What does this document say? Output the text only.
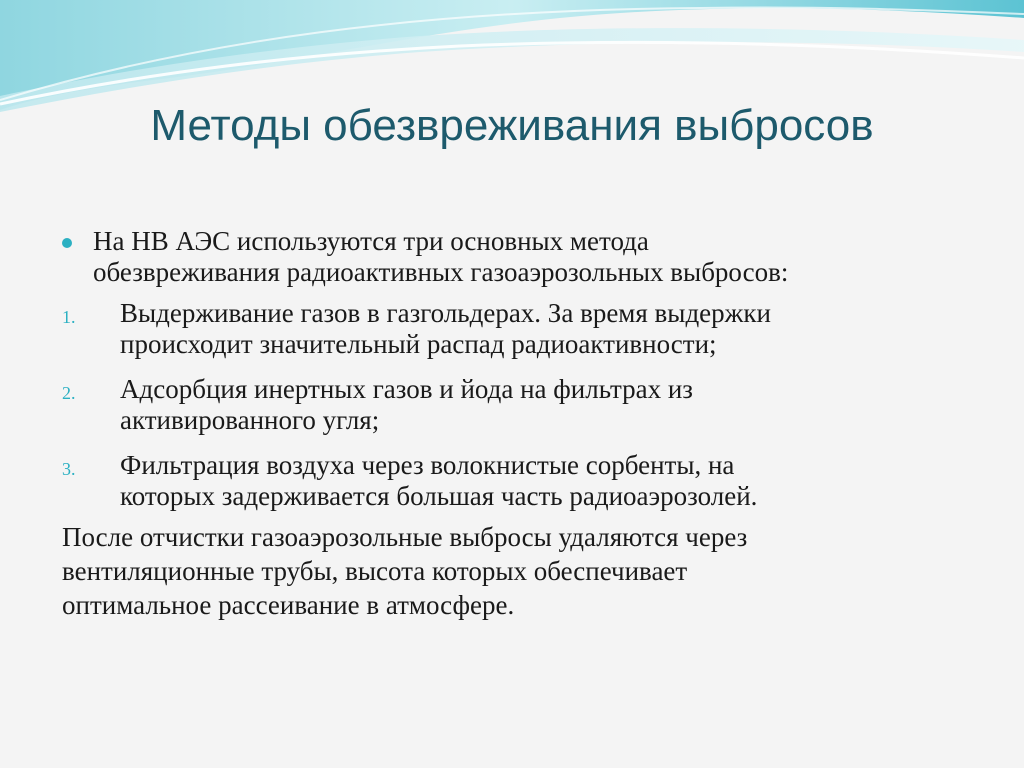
Методы обезвреживания выбросов
На НВ АЭС используются три основных метода
обезвреживания радиоактивных газоаэрозольных выбросов:
1. Выдерживание газов в газгольдерах. За время выдержки
происходит значительный распад радиоактивности;
2. Адсорбция инертных газов и йода на фильтрах из
активированного угля;
3. Фильтрация воздуха через волокнистые сорбенты, на
которых задерживается большая часть радиоаэрозолей.
После отчистки газоаэрозольные выбросы удаляются через
вентиляционные трубы, высота которых обеспечивает
оптимальное рассеивание в атмосфере.
